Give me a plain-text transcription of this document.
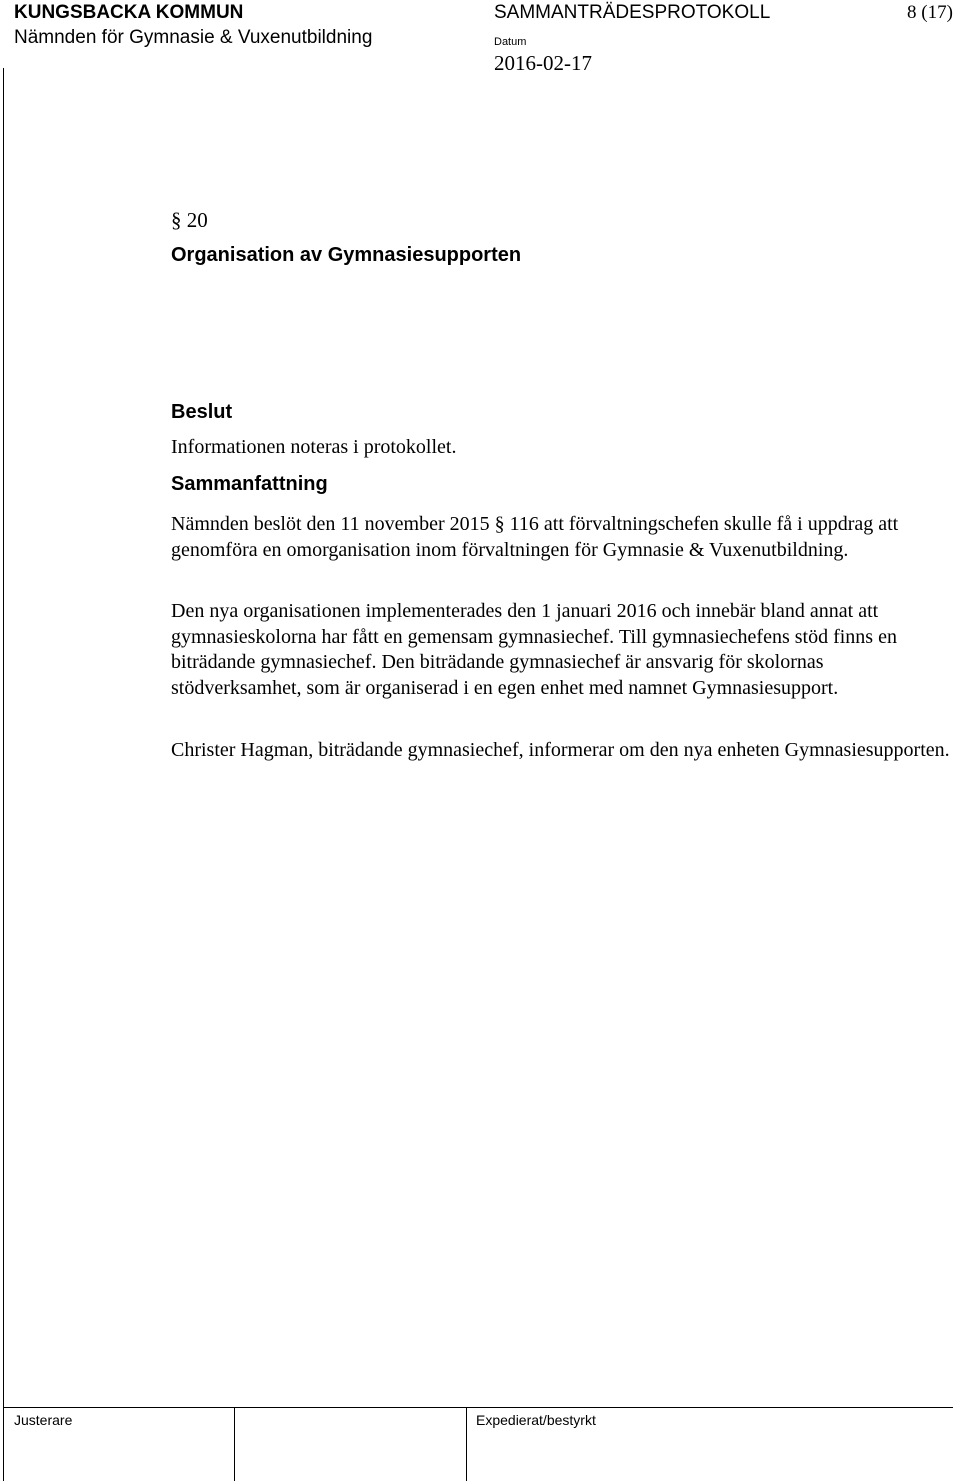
KUNGSBACKA KOMMUN
Nämnden för Gymnasie & Vuxenutbildning
SAMMANTRÄDESPROTOKOLL	8 (17)
Datum
2016-02-17
§ 20
Organisation av Gymnasiesupporten
Beslut
Informationen noteras i protokollet.
Sammanfattning

Nämnden beslöt den 11 november 2015 § 116 att förvaltningschefen skulle få i uppdrag att genomföra en omorganisation inom förvaltningen för Gymnasie & Vuxenutbildning.

Den nya organisationen implementerades den 1 januari 2016 och innebär bland annat att gymnasieskolorna har fått en gemensam gymnasiechef. Till gymnasiechefens stöd finns en biträdande gymnasiechef. Den biträdande gymnasiechef är ansvarig för skolornas stödverksamhet, som är organiserad i en egen enhet med namnet Gymnasiesupport.

Christer Hagman, biträdande gymnasiechef, informerar om den nya enheten Gymnasiesupporten.

Justerare	Expedierat/bestyrkt
